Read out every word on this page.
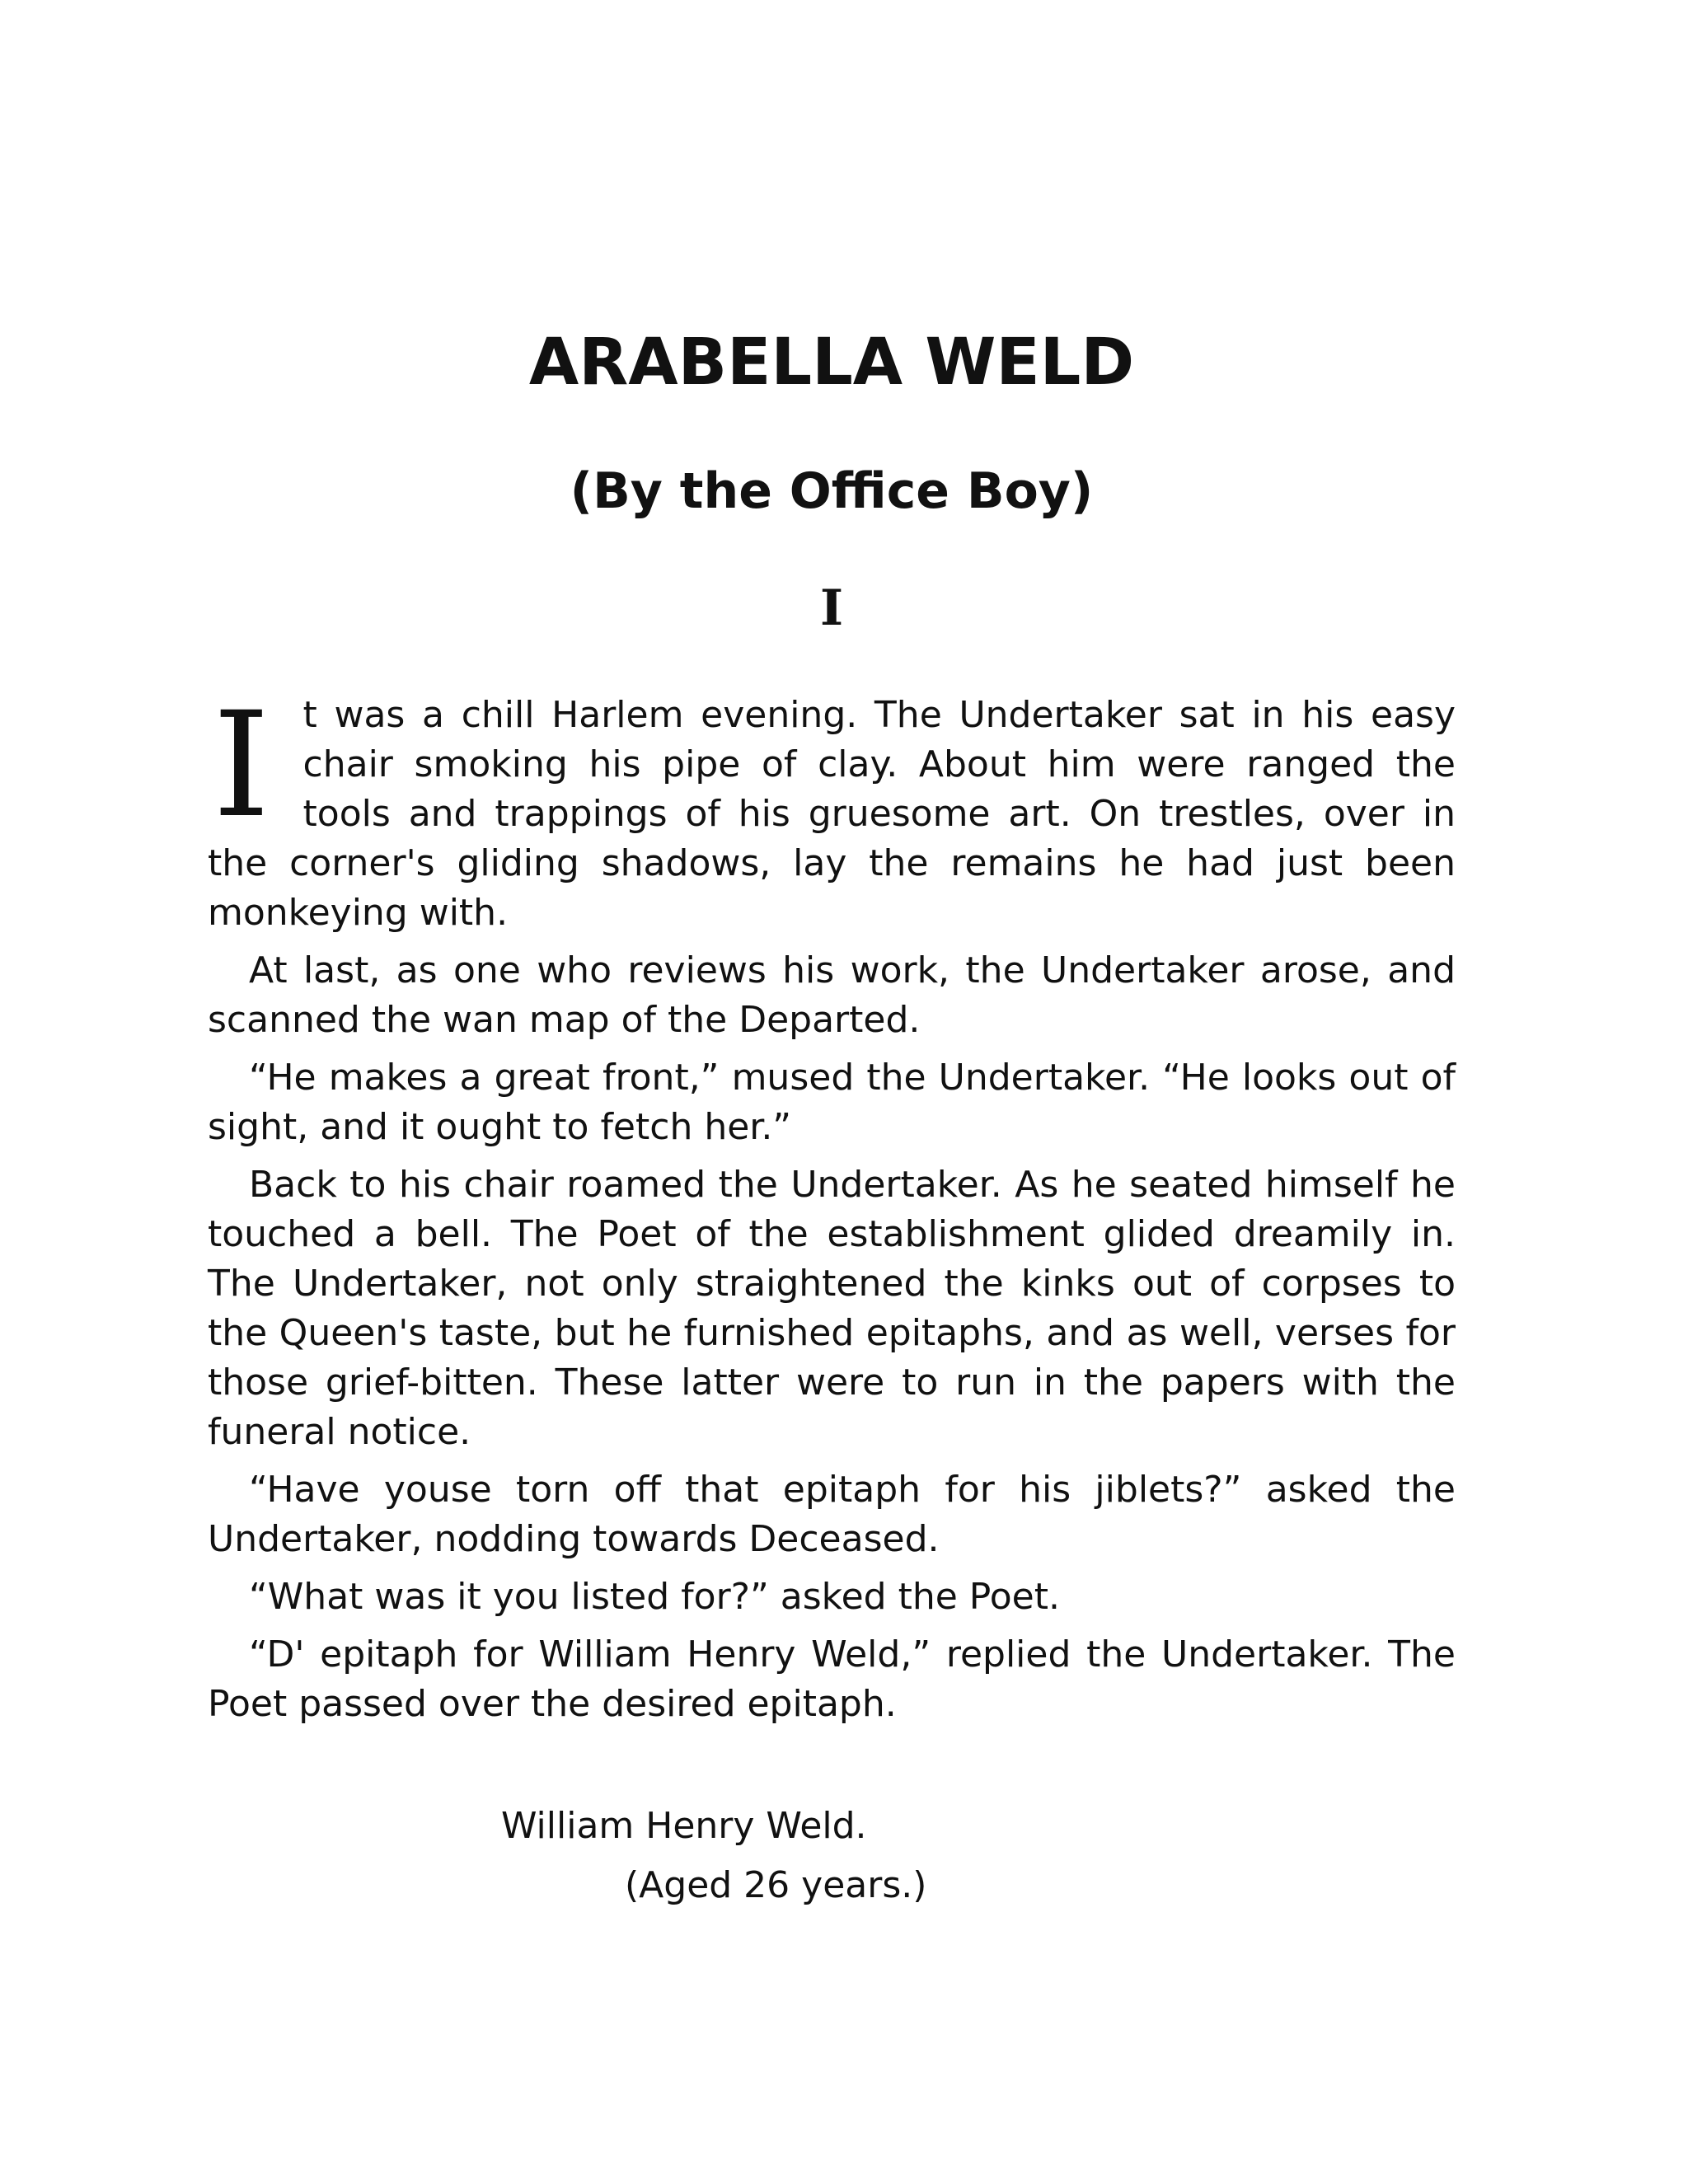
ARABELLA WELD
(By the Office Boy)
I

It was a chill Harlem evening. The Undertaker sat in his easy chair smoking his pipe of clay. About him were ranged the tools and trappings of his gruesome art. On trestles, over in the corner's gliding shadows, lay the remains he had just been monkeying with.

At last, as one who reviews his work, the Undertaker arose, and scanned the wan map of the Departed.

“He makes a great front,” mused the Undertaker. “He looks out of sight, and it ought to fetch her.”

Back to his chair roamed the Undertaker. As he seated himself he touched a bell. The Poet of the establishment glided dreamily in. The Undertaker, not only straightened the kinks out of corpses to the Queen's taste, but he furnished epitaphs, and as well, verses for those grief-bitten. These latter were to run in the papers with the funeral notice.

“Have youse torn off that epitaph for his jiblets?” asked the Undertaker, nodding towards Deceased.

“What was it you listed for?” asked the Poet.

“D' epitaph for William Henry Weld,” replied the Undertaker. The Poet passed over the desired epitaph.

William Henry Weld.
(Aged 26 years.)
